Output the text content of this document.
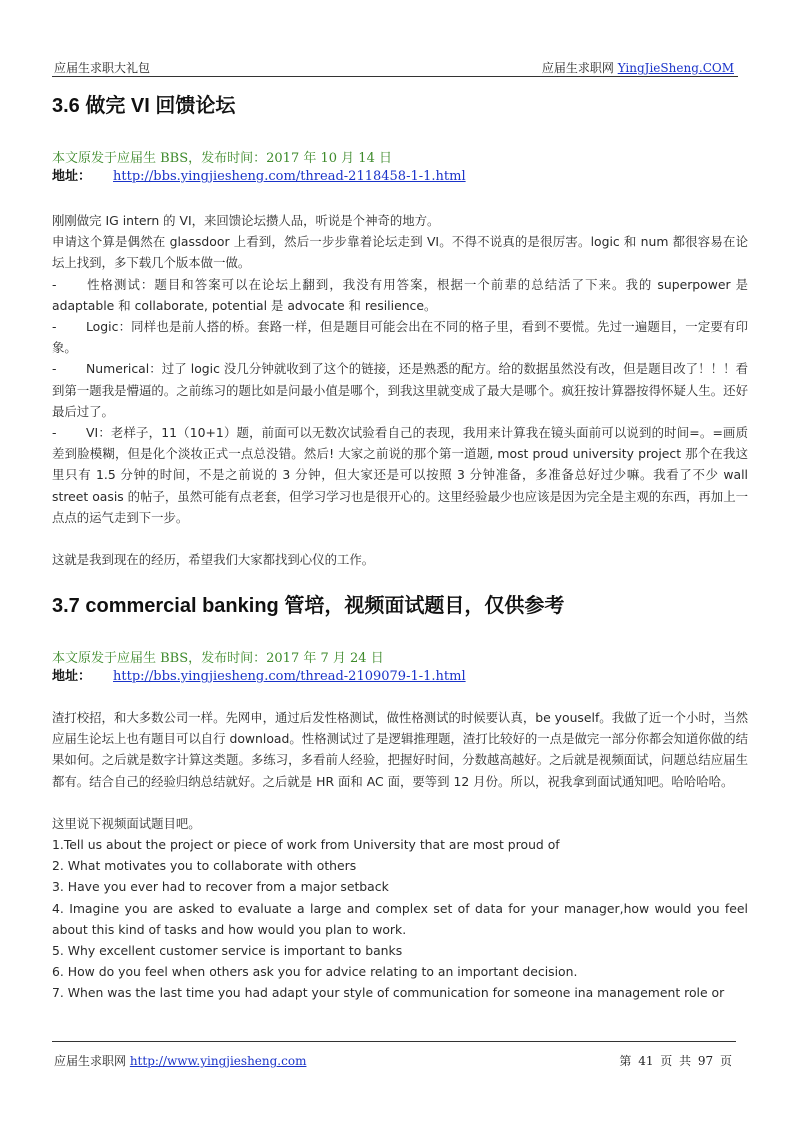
应届生求职大礼包	应届生求职网 YingJieSheng.COM
3.6 做完 VI 回馈论坛

本文原发于应届生 BBS，发布时间：2017 年 10 月 14 日

地址： http://bbs.yingjiesheng.com/thread-2118458-1-1.html

刚刚做完 IG intern 的 VI，来回馈论坛攒人品，听说是个神奇的地方。

申请这个算是偶然在 glassdoor 上看到，然后一步步靠着论坛走到 VI。不得不说真的是很厉害。logic 和 num 都很容易在论坛上找到，多下载几个版本做一做。

- 性格测试：题目和答案可以在论坛上翻到，我没有用答案，根据一个前辈的总结活了下来。我的 superpower 是 adaptable 和 collaborate, potential 是 advocate 和 resilience。

- Logic：同样也是前人搭的桥。套路一样，但是题目可能会出在不同的格子里，看到不要慌。先过一遍题目，一定要有印象。

- Numerical：过了 logic 没几分钟就收到了这个的链接，还是熟悉的配方。给的数据虽然没有改，但是题目改了！！！看到第一题我是懵逼的。之前练习的题比如是问最小值是哪个，到我这里就变成了最大是哪个。疯狂按计算器按得怀疑人生。还好最后过了。

- VI：老样子，11（10+1）题，前面可以无数次试验看自己的表现，我用来计算我在镜头面前可以说到的时间=。=画质差到脸模糊，但是化个淡妆正式一点总没错。然后! 大家之前说的那个第一道题, most proud university project 那个在我这里只有 1.5 分钟的时间，不是之前说的 3 分钟，但大家还是可以按照 3 分钟准备，多准备总好过少嘛。我看了不少 wall street oasis 的帖子，虽然可能有点老套，但学习学习也是很开心的。这里经验最少也应该是因为完全是主观的东西，再加上一点点的运气走到下一步。

这就是我到现在的经历，希望我们大家都找到心仪的工作。

3.7 commercial banking 管培，视频面试题目，仅供参考

本文原发于应届生 BBS，发布时间：2017 年 7 月 24 日

地址： http://bbs.yingjiesheng.com/thread-2109079-1-1.html

渣打校招，和大多数公司一样。先网申，通过后发性格测试，做性格测试的时候要认真，be youself。我做了近一个小时，当然应届生论坛上也有题目可以自行 download。性格测试过了是逻辑推理题，渣打比较好的一点是做完一部分你都会知道你做的结果如何。之后就是数字计算这类题。多练习，多看前人经验，把握好时间，分数越高越好。之后就是视频面试，问题总结应届生都有。结合自己的经验归纳总结就好。之后就是 HR 面和 AC 面，要等到 12 月份。所以，祝我拿到面试通知吧。哈哈哈哈。

这里说下视频面试题目吧。

1.Tell us about the project or piece of work from University that are most proud of

2. What motivates you to collaborate with others

3. Have you ever had to recover from a major setback

4. Imagine you are asked to evaluate a large and complex set of data for your manager,how would you feel about this kind of tasks and how would you plan to work.

5. Why excellent customer service is important to banks

6. How do you feel when others ask you for advice relating to an important decision.

7. When was the last time you had adapt your style of communication for someone ina management role or

应届生求职网 http://www.yingjiesheng.com	第 41 页 共 97 页
